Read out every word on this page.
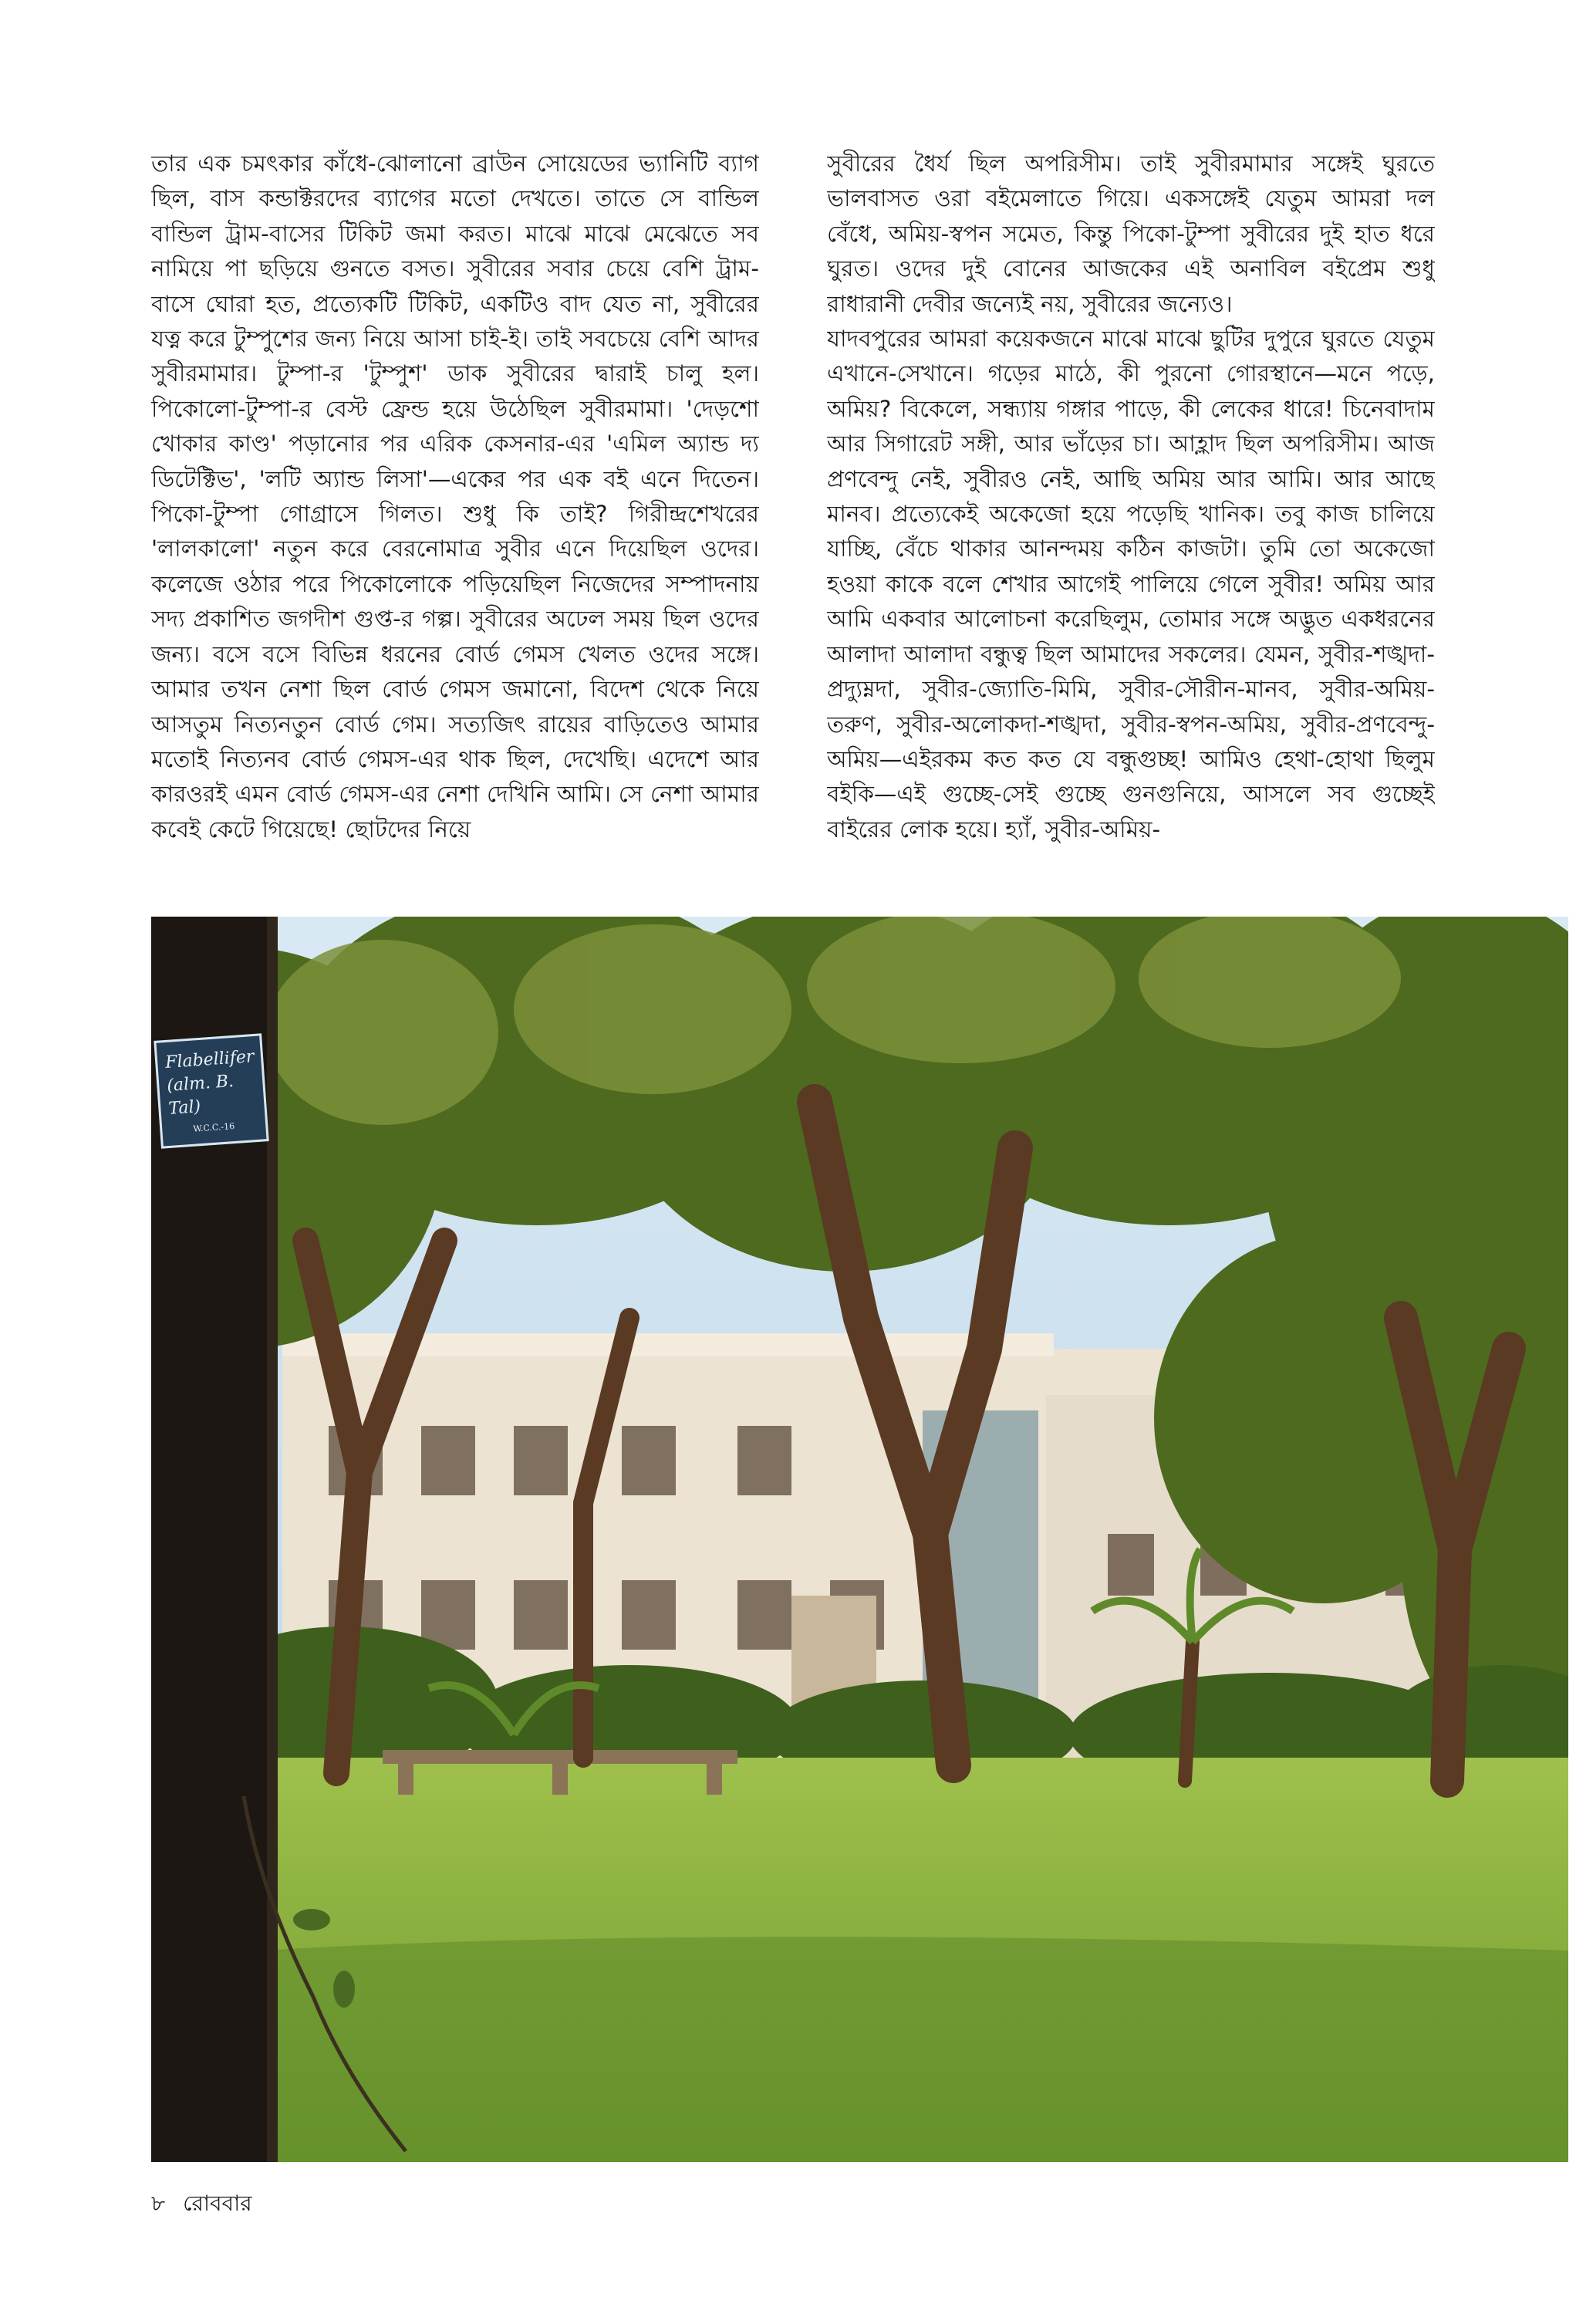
তার এক চমৎকার কাঁধে-ঝোলানো ব্রাউন সোয়েডের ভ্যানিটি ব্যাগ ছিল, বাস কন্ডাক্টরদের ব্যাগের মতো দেখতে। তাতে সে বান্ডিল বান্ডিল ট্রাম-বাসের টিকিট জমা করত। মাঝে মাঝে মেঝেতে সব নামিয়ে পা ছড়িয়ে গুনতে বসত। সুবীরের সবার চেয়ে বেশি ট্রাম-বাসে ঘোরা হত, প্রত্যেকটি টিকিট, একটিও বাদ যেত না, সুবীরের যত্ন করে টুম্পুশের জন্য নিয়ে আসা চাই-ই। তাই সবচেয়ে বেশি আদর সুবীরমামার। টুম্পা-র 'টুম্পুশ' ডাক সুবীরের দ্বারাই চালু হল। পিকোলো-টুম্পা-র বেস্ট ফ্রেন্ড হয়ে উঠেছিল সুবীরমামা। 'দেড়শো খোকার কাণ্ড' পড়ানোর পর এরিক কেসনার-এর 'এমিল অ্যান্ড দ্য ডিটেক্টিভ', 'লটি অ্যান্ড লিসা'—একের পর এক বই এনে দিতেন। পিকো-টুম্পা গোগ্রাসে গিলত। শুধু কি তাই? গিরীন্দ্রশেখরের 'লালকালো' নতুন করে বেরনোমাত্র সুবীর এনে দিয়েছিল ওদের। কলেজে ওঠার পরে পিকোলোকে পড়িয়েছিল নিজেদের সম্পাদনায় সদ্য প্রকাশিত জগদীশ গুপ্ত-র গল্প। সুবীরের অঢেল সময় ছিল ওদের জন্য। বসে বসে বিভিন্ন ধরনের বোর্ড গেমস খেলত ওদের সঙ্গে। আমার তখন নেশা ছিল বোর্ড গেমস জমানো, বিদেশ থেকে নিয়ে আসতুম নিত্যনতুন বোর্ড গেম। সত্যজিৎ রায়ের বাড়িতেও আমার মতোই নিত্যনব বোর্ড গেমস-এর থাক ছিল, দেখেছি। এদেশে আর কারওরই এমন বোর্ড গেমস-এর নেশা দেখিনি আমি। সে নেশা আমার কবেই কেটে গিয়েছে! ছোটদের নিয়ে
সুবীরের ধৈর্য ছিল অপরিসীম। তাই সুবীরমামার সঙ্গেই ঘুরতে ভালবাসত ওরা বইমেলাতে গিয়ে। একসঙ্গেই যেতুম আমরা দল বেঁধে, অমিয়-স্বপন সমেত, কিন্তু পিকো-টুম্পা সুবীরের দুই হাত ধরে ঘুরত। ওদের দুই বোনের আজকের এই অনাবিল বইপ্রেম শুধু রাধারানী দেবীর জন্যেই নয়, সুবীরের জন্যেও।
যাদবপুরের আমরা কয়েকজনে মাঝে মাঝে ছুটির দুপুরে ঘুরতে যেতুম এখানে-সেখানে। গড়ের মাঠে, কী পুরনো গোরস্থানে—মনে পড়ে, অমিয়? বিকেলে, সন্ধ্যায় গঙ্গার পাড়ে, কী লেকের ধারে! চিনেবাদাম আর সিগারেট সঙ্গী, আর ভাঁড়ের চা। আহ্লাদ ছিল অপরিসীম। আজ প্রণবেন্দু নেই, সুবীরও নেই, আছি অমিয় আর আমি। আর আছে মানব। প্রত্যেকেই অকেজো হয়ে পড়েছি খানিক। তবু কাজ চালিয়ে যাচ্ছি, বেঁচে থাকার আনন্দময় কঠিন কাজটা। তুমি তো অকেজো হওয়া কাকে বলে শেখার আগেই পালিয়ে গেলে সুবীর! অমিয় আর আমি একবার আলোচনা করেছিলুম, তোমার সঙ্গে অদ্ভুত একধরনের আলাদা আলাদা বন্ধুত্ব ছিল আমাদের সকলের। যেমন, সুবীর-শঙ্খদা-প্রদ্যুম্নদা, সুবীর-জ্যোতি-মিমি, সুবীর-সৌরীন-মানব, সুবীর-অমিয়-তরুণ, সুবীর-অলোকদা-শঙ্খদা, সুবীর-স্বপন-অমিয়, সুবীর-প্রণবেন্দু-অমিয়—এইরকম কত কত যে বন্ধুগুচ্ছ! আমিও হেথা-হোথা ছিলুম বইকি—এই গুচ্ছে-সেই গুচ্ছে গুনগুনিয়ে, আসলে সব গুচ্ছেই বাইরের লোক হয়ে। হ্যাঁ, সুবীর-অমিয়-
Flabellifer
(alm. B. Tal)
W.C.C.-16
৮ রোববার
